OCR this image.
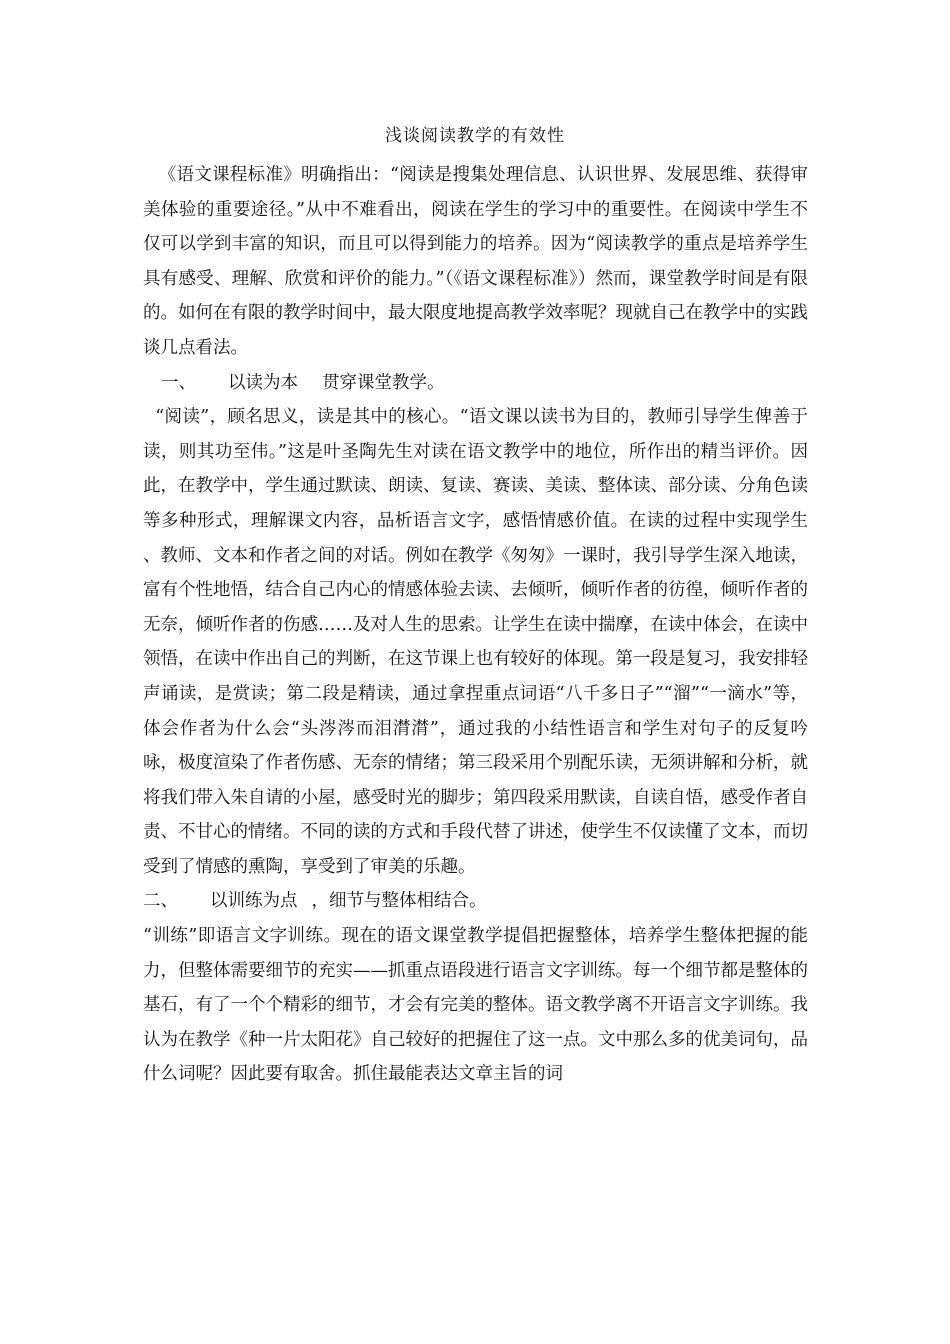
浅谈阅读教学的有效性

《语文课程标准》明确指出：“阅读是搜集处理信息、认识世界、发展思维、获得审美体验的重要途径。”从中不难看出，阅读在学生的学习中的重要性。在阅读中学生不仅可以学到丰富的知识，而且可以得到能力的培养。因为“阅读教学的重点是培养学生具有感受、理解、欣赏和评价的能力。”（《语文课程标准》）然而，课堂教学时间是有限的。如何在有限的教学时间中，最大限度地提高教学效率呢？现就自己在教学中的实践谈几点看法。

一、 以读为本 贯穿课堂教学。

“阅读”，顾名思义，读是其中的核心。“语文课以读书为目的，教师引导学生俾善于读，则其功至伟。”这是叶圣陶先生对读在语文教学中的地位，所作出的精当评价。因此，在教学中，学生通过默读、朗读、复读、赛读、美读、整体读、部分读、分角色读等多种形式，理解课文内容，品析语言文字，感悟情感价值。在读的过程中实现学生 、教师、文本和作者之间的对话。例如在教学《匆匆》一课时，我引导学生深入地读，富有个性地悟，结合自己内心的情感体验去读、去倾听，倾听作者的彷徨，倾听作者的无奈，倾听作者的伤感……及对人生的思索。让学生在读中揣摩，在读中体会，在读中领悟，在读中作出自己的判断，在这节课上也有较好的体现。第一段是复习，我安排轻声诵读，是赏读；第二段是精读，通过拿捏重点词语“八千多日子”“溜”“一滴水”等，体会作者为什么会“头涔涔而泪潸潸”，通过我的小结性语言和学生对句子的反复吟咏，极度渲染了作者伤感、无奈的情绪；第三段采用个别配乐读，无须讲解和分析，就将我们带入朱自请的小屋，感受时光的脚步；第四段采用默读，自读自悟，感受作者自责、不甘心的情绪。不同的读的方式和手段代替了讲述，使学生不仅读懂了文本，而切受到了情感的熏陶，享受到了审美的乐趣。

二、 以训练为点 ，细节与整体相结合。

“训练”即语言文字训练。现在的语文课堂教学提倡把握整体，培养学生整体把握的能力，但整体需要细节的充实——抓重点语段进行语言文字训练。每一个细节都是整体的基石，有了一个个精彩的细节，才会有完美的整体。语文教学离不开语言文字训练。我认为在教学《种一片太阳花》自己较好的把握住了这一点。文中那么多的优美词句，品什么词呢？因此要有取舍。抓住最能表达文章主旨的词
